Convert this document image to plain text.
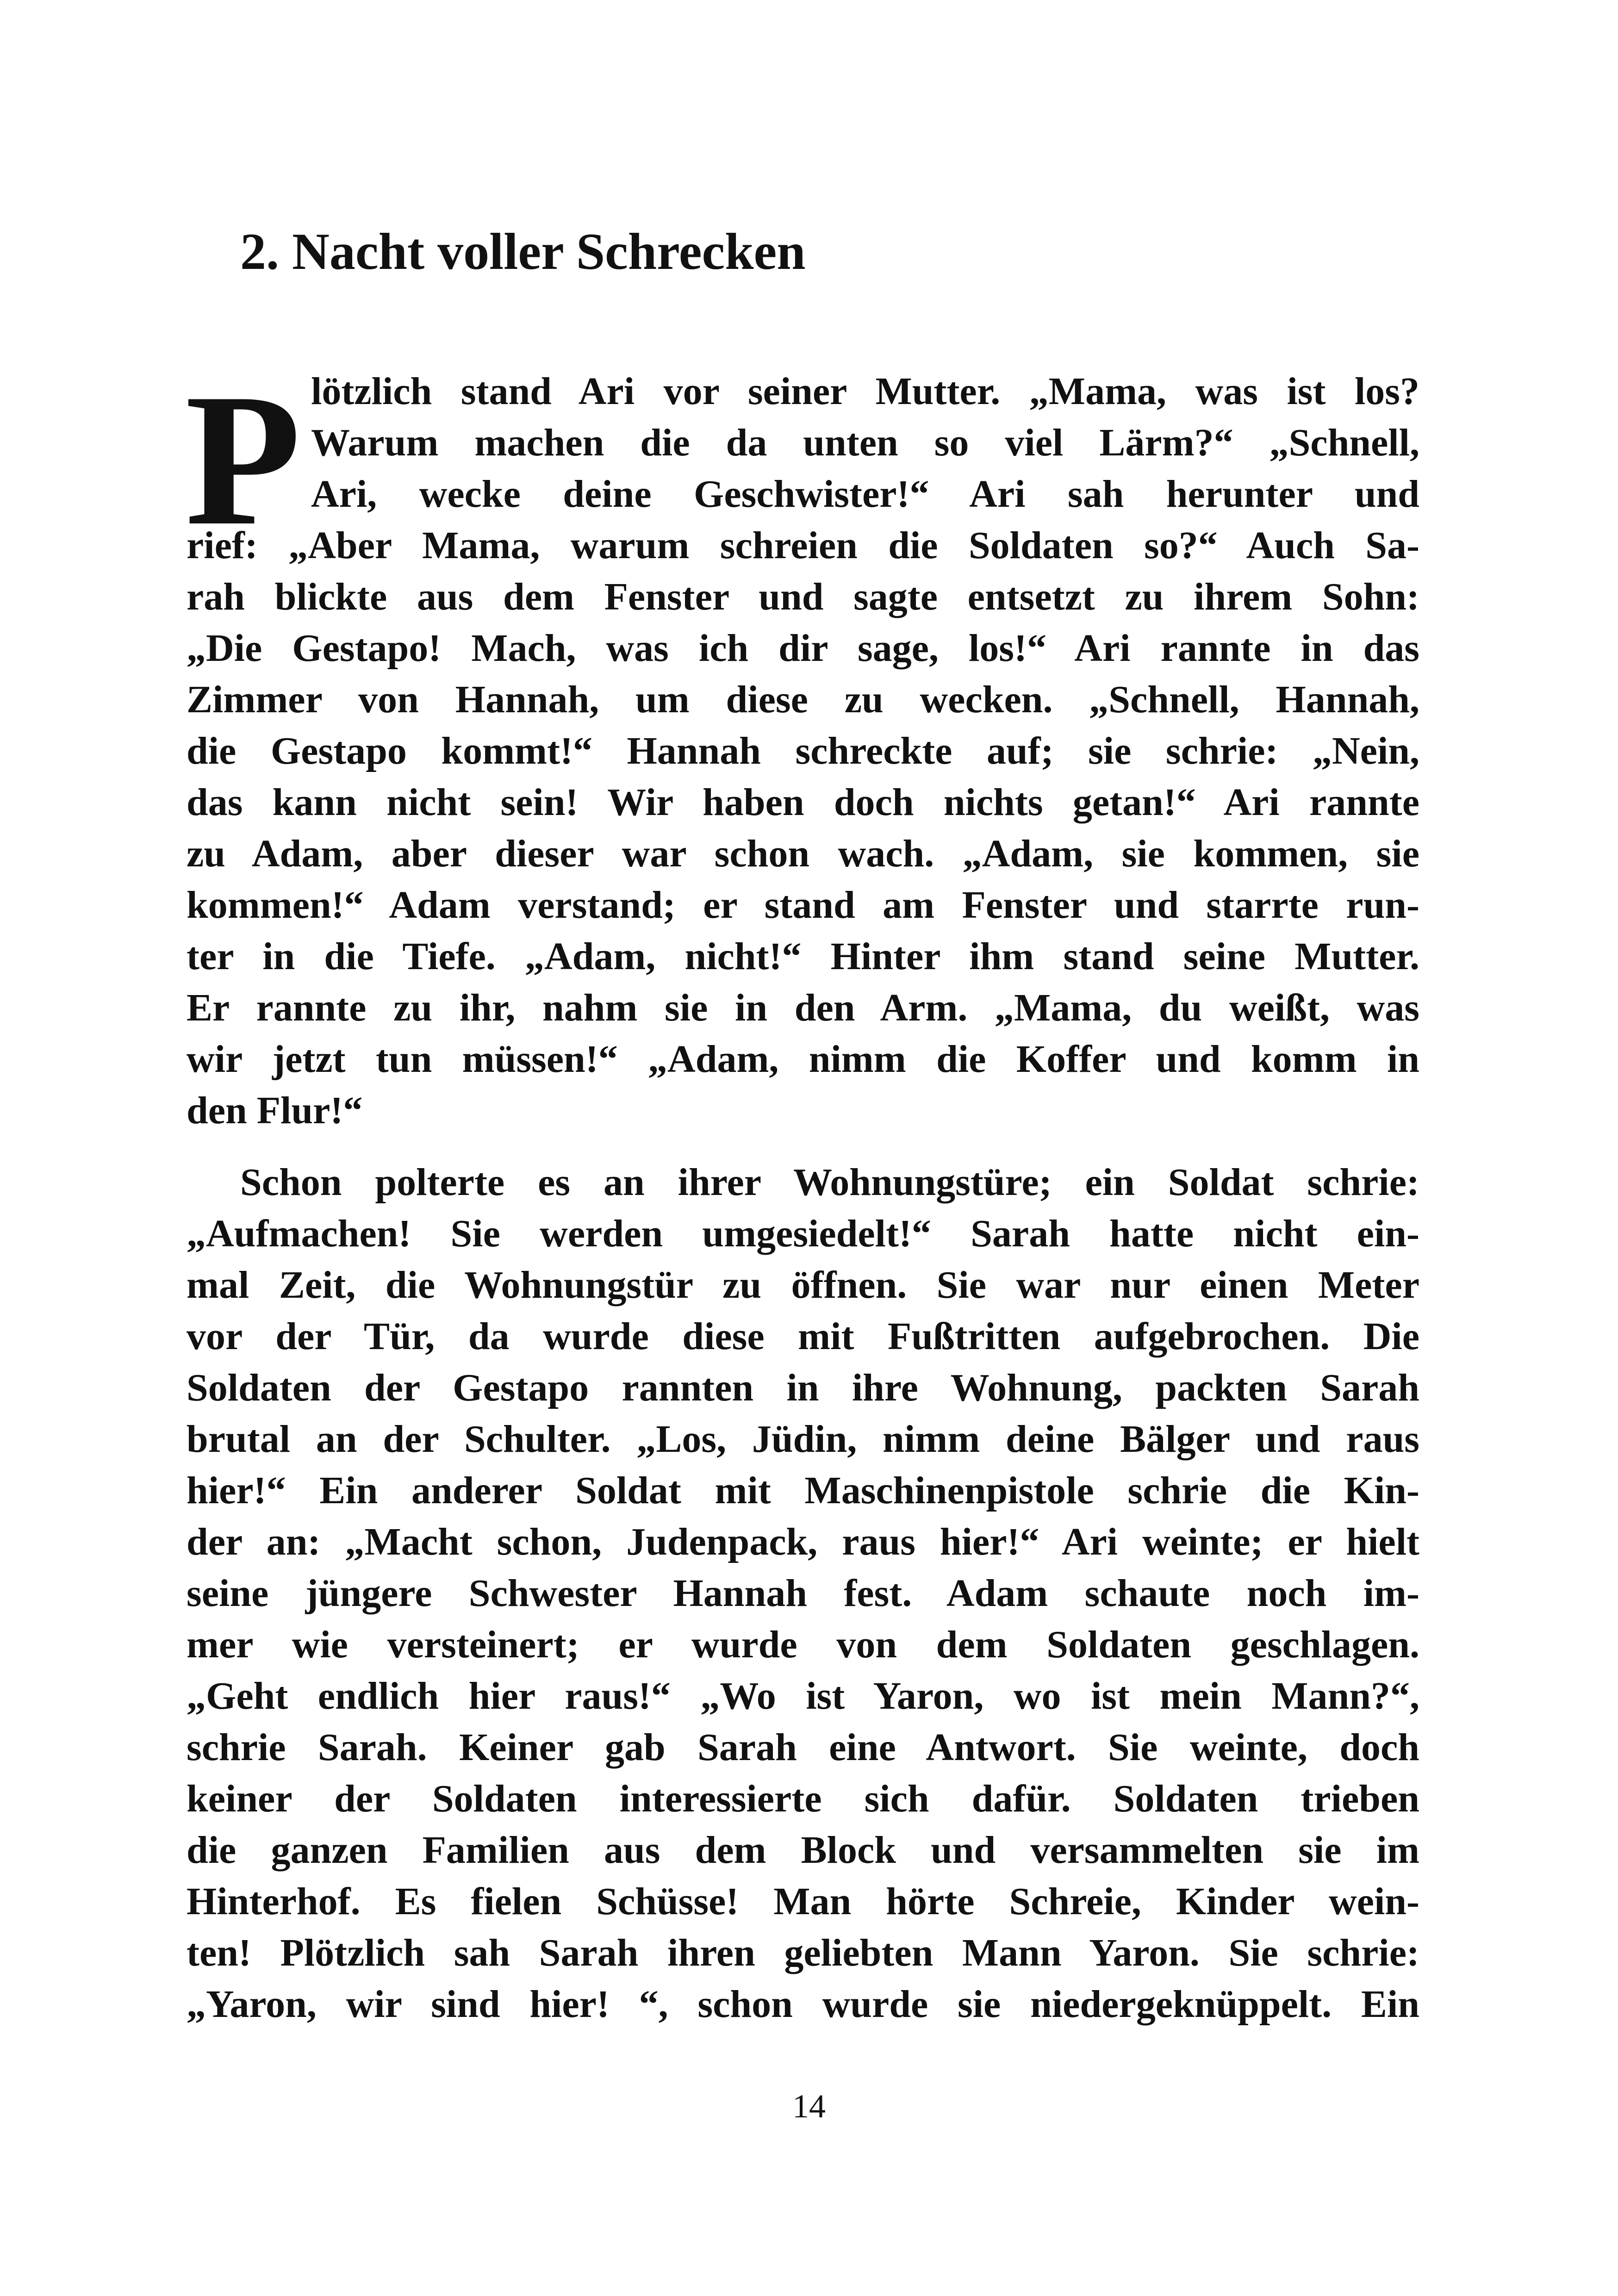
2. Nacht voller Schrecken
P lötzlich stand Ari vor seiner Mutter. „Mama, was ist los?
Warum machen die da unten so viel Lärm?“ „Schnell,
Ari, wecke deine Geschwister!“ Ari sah herunter und
rief: „Aber Mama, warum schreien die Soldaten so?“ Auch Sa-
rah blickte aus dem Fenster und sagte entsetzt zu ihrem Sohn:
„Die Gestapo! Mach, was ich dir sage, los!“ Ari rannte in das
Zimmer von Hannah, um diese zu wecken. „Schnell, Hannah,
die Gestapo kommt!“ Hannah schreckte auf; sie schrie: „Nein,
das kann nicht sein! Wir haben doch nichts getan!“ Ari rannte
zu Adam, aber dieser war schon wach. „Adam, sie kommen, sie
kommen!“ Adam verstand; er stand am Fenster und starrte run-
ter in die Tiefe. „Adam, nicht!“ Hinter ihm stand seine Mutter.
Er rannte zu ihr, nahm sie in den Arm. „Mama, du weißt, was
wir jetzt tun müssen!“ „Adam, nimm die Koffer und komm in
den Flur!“
Schon polterte es an ihrer Wohnungstüre; ein Soldat schrie:
„Aufmachen! Sie werden umgesiedelt!“ Sarah hatte nicht ein-
mal Zeit, die Wohnungstür zu öffnen. Sie war nur einen Meter
vor der Tür, da wurde diese mit Fußtritten aufgebrochen. Die
Soldaten der Gestapo rannten in ihre Wohnung, packten Sarah
brutal an der Schulter. „Los, Jüdin, nimm deine Bälger und raus
hier!“ Ein anderer Soldat mit Maschinenpistole schrie die Kin-
der an: „Macht schon, Judenpack, raus hier!“ Ari weinte; er hielt
seine jüngere Schwester Hannah fest. Adam schaute noch im-
mer wie versteinert; er wurde von dem Soldaten geschlagen.
„Geht endlich hier raus!“ „Wo ist Yaron, wo ist mein Mann?“,
schrie Sarah. Keiner gab Sarah eine Antwort. Sie weinte, doch
keiner der Soldaten interessierte sich dafür. Soldaten trieben
die ganzen Familien aus dem Block und versammelten sie im
Hinterhof. Es fielen Schüsse! Man hörte Schreie, Kinder wein-
ten! Plötzlich sah Sarah ihren geliebten Mann Yaron. Sie schrie:
„Yaron, wir sind hier! “, schon wurde sie niedergeknüppelt. Ein
14
